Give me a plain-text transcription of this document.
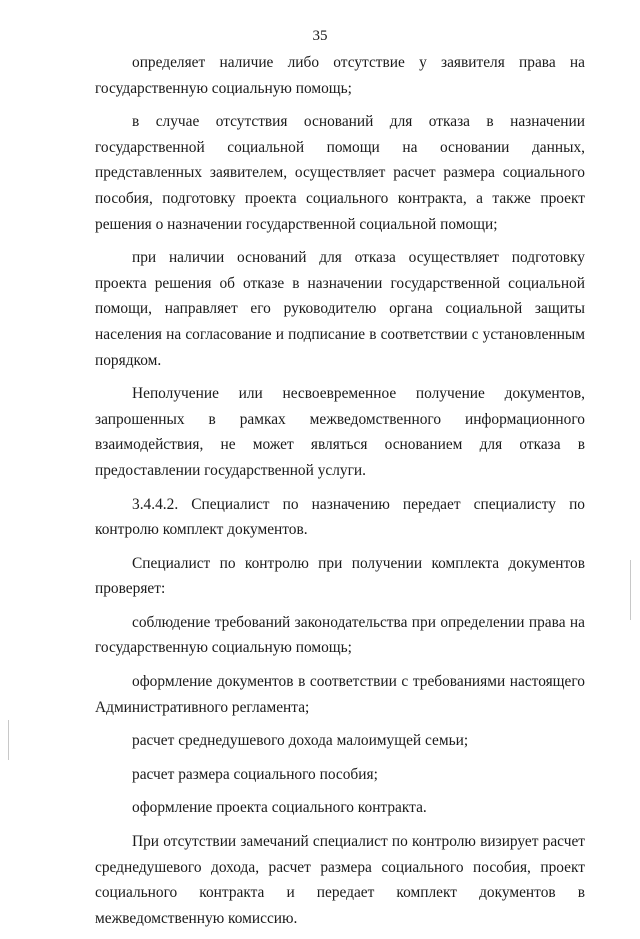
35

определяет наличие либо отсутствие у заявителя права на государственную социальную помощь;

в случае отсутствия оснований для отказа в назначении государственной социальной помощи на основании данных, представленных заявителем, осуществляет расчет размера социального пособия, подготовку проекта социального контракта, а также проект решения о назначении государственной социальной помощи;

при наличии оснований для отказа осуществляет подготовку проекта решения об отказе в назначении государственной социальной помощи, направляет его руководителю органа социальной защиты населения на согласование и подписание в соответствии с установленным порядком.

Неполучение или несвоевременное получение документов, запрошенных в рамках межведомственного информационного взаимодействия, не может являться основанием для отказа в предоставлении государственной услуги.

3.4.4.2. Специалист по назначению передает специалисту по контролю комплект документов.

Специалист по контролю при получении комплекта документов проверяет:

соблюдение требований законодательства при определении права на государственную социальную помощь;

оформление документов в соответствии с требованиями настоящего Административного регламента;

расчет среднедушевого дохода малоимущей семьи;

расчет размера социального пособия;

оформление проекта социального контракта.

При отсутствии замечаний специалист по контролю визирует расчет среднедушевого дохода, расчет размера социального пособия, проект социального контракта и передает комплект документов в межведомственную комиссию.
